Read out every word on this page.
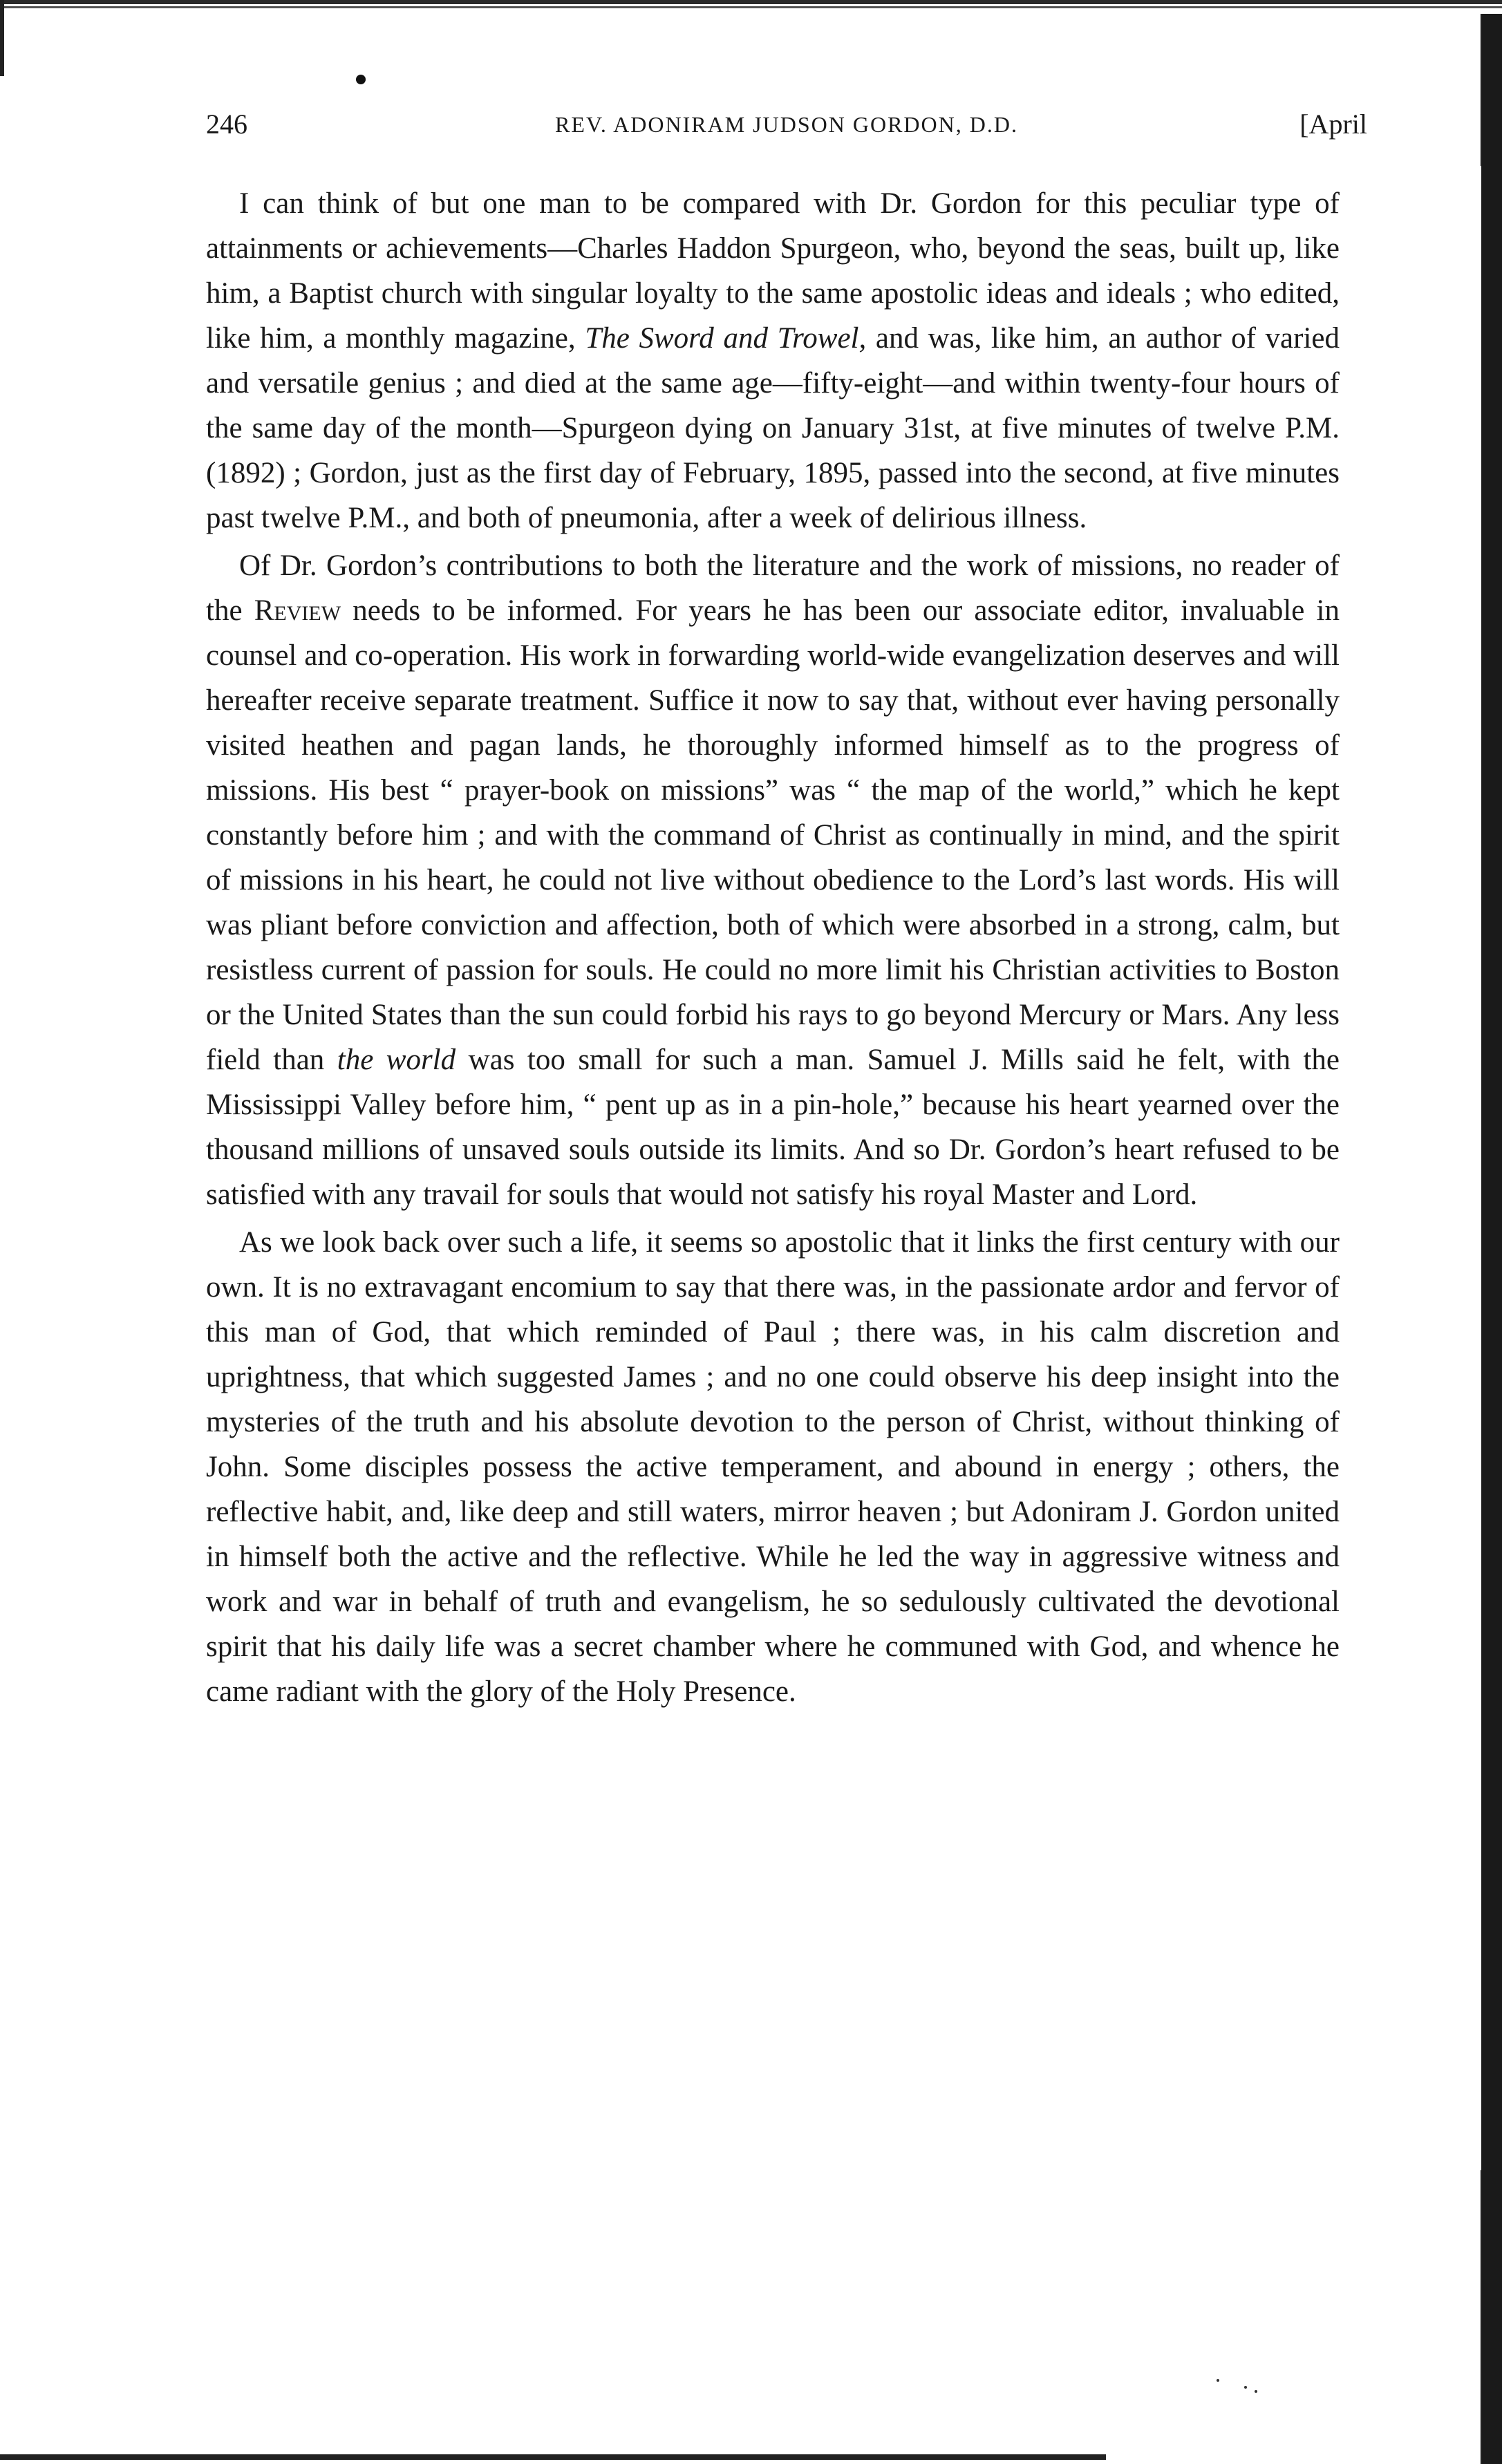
246	REV. ADONIRAM JUDSON GORDON, D.D.	[April

I can think of but one man to be compared with Dr. Gordon for this peculiar type of attainments or achievements—Charles Haddon Spurgeon, who, beyond the seas, built up, like him, a Baptist church with singular loyalty to the same apostolic ideas and ideals ; who edited, like him, a monthly magazine, The Sword and Trowel, and was, like him, an author of varied and versatile genius ; and died at the same age—fifty-eight—and within twenty-four hours of the same day of the month—Spurgeon dying on January 31st, at five minutes of twelve P.M. (1892) ; Gordon, just as the first day of February, 1895, passed into the second, at five minutes past twelve P.M., and both of pneumonia, after a week of delirious illness.

Of Dr. Gordon’s contributions to both the literature and the work of missions, no reader of the Review needs to be informed. For years he has been our associate editor, invaluable in counsel and co-operation. His work in forwarding world-wide evangelization deserves and will hereafter receive separate treatment. Suffice it now to say that, without ever having personally visited heathen and pagan lands, he thoroughly informed himself as to the progress of missions. His best “ prayer-book on missions” was “ the map of the world,” which he kept constantly before him ; and with the command of Christ as continually in mind, and the spirit of missions in his heart, he could not live without obedience to the Lord’s last words. His will was pliant before conviction and affection, both of which were absorbed in a strong, calm, but resistless current of passion for souls. He could no more limit his Christian activities to Boston or the United States than the sun could forbid his rays to go beyond Mercury or Mars. Any less field than the world was too small for such a man. Samuel J. Mills said he felt, with the Mississippi Valley before him, “ pent up as in a pin-hole,” because his heart yearned over the thousand millions of unsaved souls outside its limits. And so Dr. Gordon’s heart refused to be satisfied with any travail for souls that would not satisfy his royal Master and Lord.

As we look back over such a life, it seems so apostolic that it links the first century with our own. It is no extravagant encomium to say that there was, in the passionate ardor and fervor of this man of God, that which reminded of Paul ; there was, in his calm discretion and uprightness, that which suggested James ; and no one could observe his deep insight into the mysteries of the truth and his absolute devotion to the person of Christ, without thinking of John. Some disciples possess the active temperament, and abound in energy ; others, the reflective habit, and, like deep and still waters, mirror heaven ; but Adoniram J. Gordon united in himself both the active and the reflective. While he led the way in aggressive witness and work and war in behalf of truth and evangelism, he so sedulously cultivated the devotional spirit that his daily life was a secret chamber where he communed with God, and whence he came radiant with the glory of the Holy Presence.
